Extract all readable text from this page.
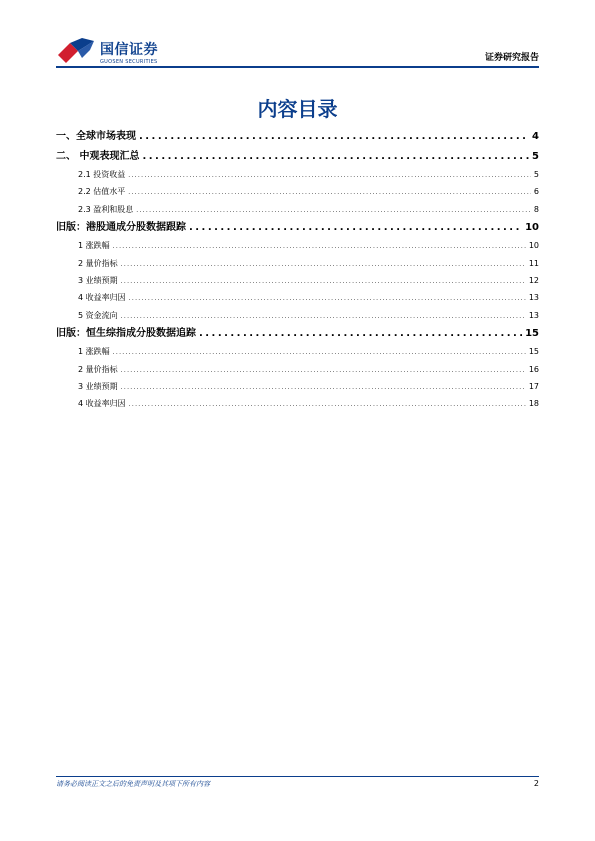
国信证券
GUOSEN SECURITIES	证券研究报告
内容目录
一、全球市场表现 . . .	4
二、 中观表现汇总 . . .	5
2.1 投资收益 . . .	5
2.2 估值水平 . . .	6
2.3 盈利和股息 . . .	8
旧版：港股通成分股数据跟踪 . . .	10
1 涨跌幅 . . .	10
2 量价指标 . . .	11
3 业绩预期 . . .	12
4 收益率归因 . . .	13
5 资金流向 . . .	13
旧版：恒生综指成分股数据追踪 . . .	15
1 涨跌幅 . . .	15
2 量价指标 . . .	16
3 业绩预期 . . .	17
4 收益率归因 . . .	18
请务必阅读正文之后的免责声明及其项下所有内容	2
